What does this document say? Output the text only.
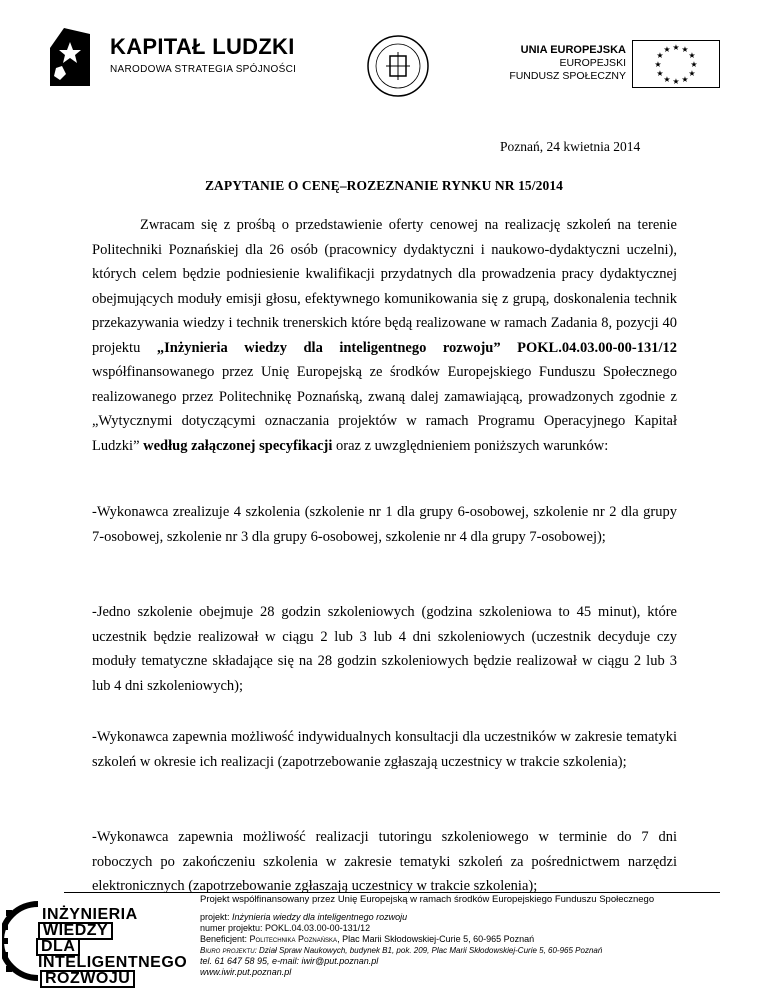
KAPITAŁ LUDZKI
NARODOWA STRATEGIA SPÓJNOŚCI
UNIA EUROPEJSKA
EUROPEJSKI
FUNDUSZ SPOŁECZNY
★ ★
★
★
★
★
★
★
★
★
★
★
Poznań, 24 kwietnia 2014
ZAPYTANIE O CENĘ–ROZEZNANIE RYNKU NR 15/2014
Zwracam się z prośbą o przedstawienie oferty cenowej na realizację szkoleń na terenie Politechniki Poznańskiej dla 26 osób (pracownicy dydaktyczni i naukowo-dydaktyczni uczelni), których celem będzie podniesienie kwalifikacji przydatnych dla prowadzenia pracy dydaktycznej obejmujących moduły emisji głosu, efektywnego komunikowania się z grupą, doskonalenia technik przekazywania wiedzy i technik trenerskich które będą realizowane w ramach Zadania 8, pozycji 40 projektu „Inżynieria wiedzy dla inteligentnego rozwoju” POKL.04.03.00-00-131/12 współfinansowanego przez Unię Europejską ze środków Europejskiego Funduszu Społecznego realizowanego przez Politechnikę Poznańską, zwaną dalej zamawiającą, prowadzonych zgodnie z „Wytycznymi dotyczącymi oznaczania projektów w ramach Programu Operacyjnego Kapitał Ludzki” według załączonej specyfikacji oraz z uwzględnieniem poniższych warunków:
-Wykonawca zrealizuje 4 szkolenia (szkolenie nr 1 dla grupy 6-osobowej, szkolenie nr 2 dla grupy 7-osobowej, szkolenie nr 3 dla grupy 6-osobowej, szkolenie nr 4 dla grupy 7-osobowej);
-Jedno szkolenie obejmuje 28 godzin szkoleniowych (godzina szkoleniowa to 45 minut), które uczestnik będzie realizował w ciągu 2 lub 3 lub 4 dni szkoleniowych (uczestnik decyduje czy moduły tematyczne składające się na 28 godzin szkoleniowych będzie realizował w ciągu 2 lub 3 lub 4 dni szkoleniowych);
-Wykonawca zapewnia możliwość indywidualnych konsultacji dla uczestników w zakresie tematyki szkoleń w okresie ich realizacji (zapotrzebowanie zgłaszają uczestnicy w trakcie szkolenia);
-Wykonawca zapewnia możliwość realizacji tutoringu szkoleniowego w terminie do 7 dni roboczych po zakończeniu szkolenia w zakresie tematyki szkoleń za pośrednictwem narzędzi elektronicznych (zapotrzebowanie zgłaszają uczestnicy w trakcie szkolenia);
Projekt współfinansowany przez Unię Europejską w ramach środków Europejskiego Funduszu Społecznego
projekt: Inżynieria wiedzy dla inteligentnego rozwoju
numer projektu: POKL.04.03.00-00-131/12
Beneficjent: Politechnika Poznańska, Plac Marii Skłodowskiej-Curie 5, 60-965 Poznań
Biuro projektu: Dział Spraw Naukowych, budynek B1, pok. 209, Plac Marii Skłodowskiej-Curie 5, 60-965 Poznań
tel. 61 647 58 95, e-mail: iwir@put.poznan.pl
www.iwir.put.poznan.pl
INŻYNIERIA
WIEDZY
DLA
INTELIGENTNEGO
ROZWOJU
